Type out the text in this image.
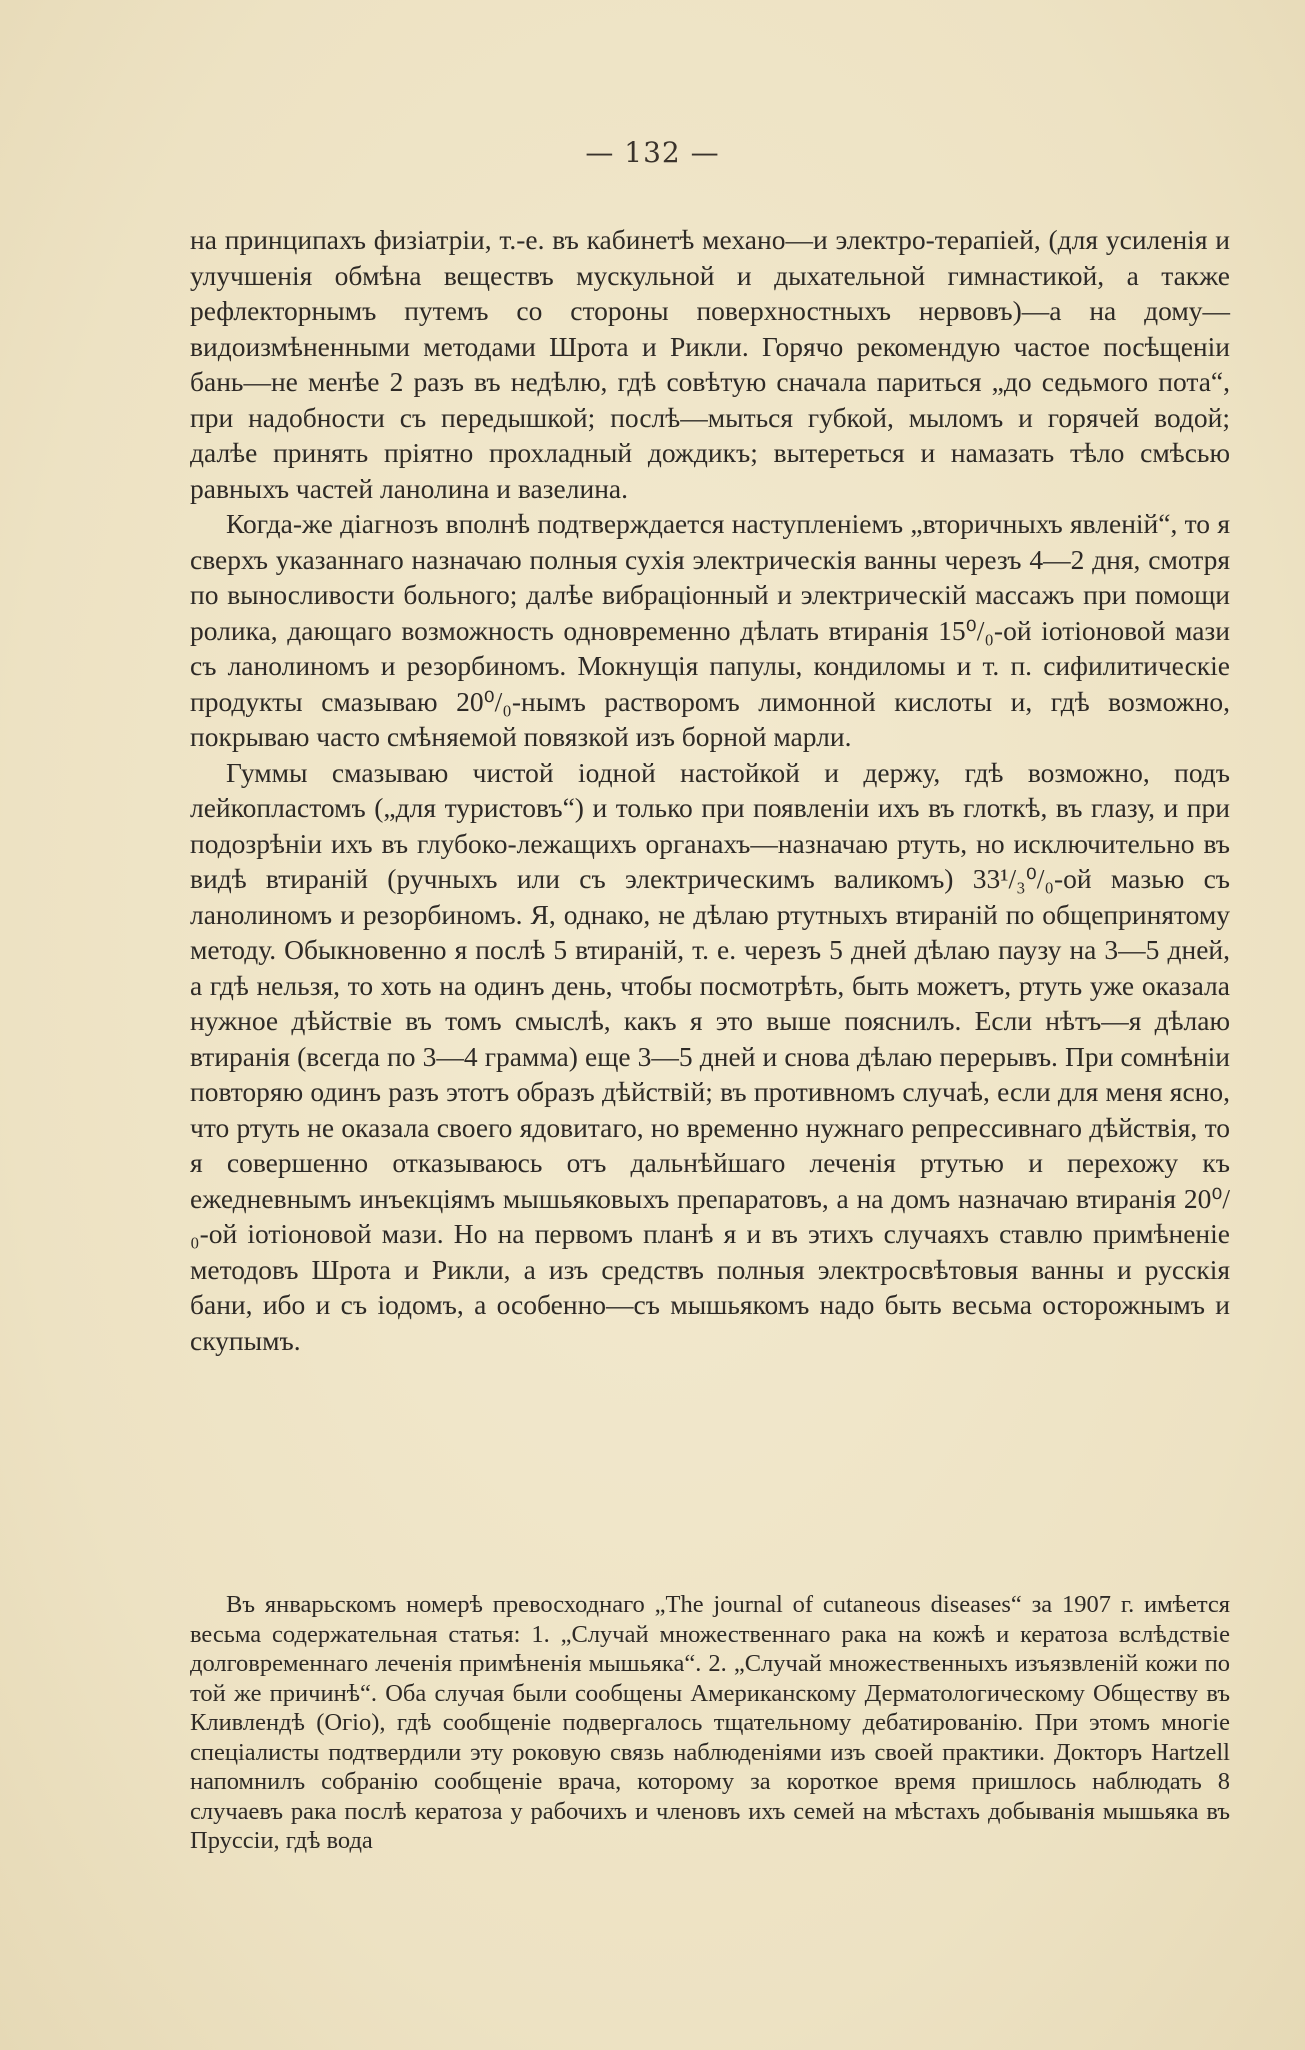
— 132 —

на принципахъ физіатріи, т.-е. въ кабинетѣ механо—и электро-терапіей, (для усиленія и улучшенія обмѣна веществъ мускульной и дыхательной гимнастикой, а также рефлекторнымъ путемъ со стороны поверхностныхъ нервовъ)—а на дому—видоизмѣненными методами Шрота и Рикли. Горячо рекомендую частое посѣщеніи бань—не менѣе 2 разъ въ недѣлю, гдѣ совѣтую сначала париться „до седьмого пота“, при надобности съ передышкой; послѣ—мыться губкой, мыломъ и горячей водой; далѣе принять пріятно прохладный дождикъ; вытереться и намазать тѣло смѣсью равныхъ частей ланолина и вазелина.

Когда-же діагнозъ вполнѣ подтверждается наступленіемъ „вторичныхъ явленій“, то я сверхъ указаннаго назначаю полныя сухія электрическія ванны черезъ 4—2 дня, смотря по выносливости больного; далѣе вибраціонный и электрическій массажъ при помощи ролика, дающаго возможность одновременно дѣлать втиранія 15⁰/₀-ой іотіоновой мази съ ланолиномъ и резорбиномъ. Мокнущія папулы, кондиломы и т. п. сифилитическіе продукты смазываю 20⁰/₀-нымъ растворомъ лимонной кислоты и, гдѣ возможно, покрываю часто смѣняемой повязкой изъ борной марли.

Гуммы смазываю чистой іодной настойкой и держу, гдѣ возможно, подъ лейкопластомъ („для туристовъ“) и только при появленіи ихъ въ глоткѣ, въ глазу, и при подозрѣніи ихъ въ глубоко-лежащихъ органахъ—назначаю ртуть, но исключительно въ видѣ втираній (ручныхъ или съ электрическимъ валикомъ) 33¹/₃⁰/₀-ой мазью съ ланолиномъ и резорбиномъ. Я, однако, не дѣлаю ртутныхъ втираній по общепринятому методу. Обыкновенно я послѣ 5 втираній, т. е. черезъ 5 дней дѣлаю паузу на 3—5 дней, а гдѣ нельзя, то хоть на одинъ день, чтобы посмотрѣть, быть можетъ, ртуть уже оказала нужное дѣйствіе въ томъ смыслѣ, какъ я это выше пояснилъ. Если нѣтъ—я дѣлаю втиранія (всегда по 3—4 грамма) еще 3—5 дней и снова дѣлаю перерывъ. При сомнѣніи повторяю одинъ разъ этотъ образъ дѣйствій; въ противномъ случаѣ, если для меня ясно, что ртуть не оказала своего ядовитаго, но временно нужнаго репрессивнаго дѣйствія, то я совершенно отказываюсь отъ дальнѣйшаго леченія ртутью и перехожу къ ежедневнымъ инъекціямъ мышьяковыхъ препаратовъ, а на домъ назначаю втиранія 20⁰/₀-ой іотіоновой мази. Но на первомъ планѣ я и въ этихъ случаяхъ ставлю примѣненіе методовъ Шрота и Рикли, а изъ средствъ полныя электросвѣтовыя ванны и русскія бани, ибо и съ іодомъ, а особенно—съ мышьякомъ надо быть весьма осторожнымъ и скупымъ.

Въ январьскомъ номерѣ превосходнаго „The journal of cutaneous diseases“ за 1907 г. имѣется весьма содержательная статья: 1. „Случай множественнаго рака на кожѣ и кератоза вслѣдствіе долговременнаго леченія примѣненія мышьяка“. 2. „Случай множественныхъ изъязвленій кожи по той же причинѣ“. Оба случая были сообщены Американскому Дерматологическому Обществу въ Кливлендѣ (Огіо), гдѣ сообщеніе подвергалось тщательному дебатированію. При этомъ многіе спеціалисты подтвердили эту роковую связь наблюденіями изъ своей практики. Докторъ Hartzell напомнилъ собранію сообщеніе врача, которому за короткое время пришлось наблюдать 8 случаевъ рака послѣ кератоза у рабочихъ и членовъ ихъ семей на мѣстахъ добыванія мышьяка въ Пруссіи, гдѣ вода
